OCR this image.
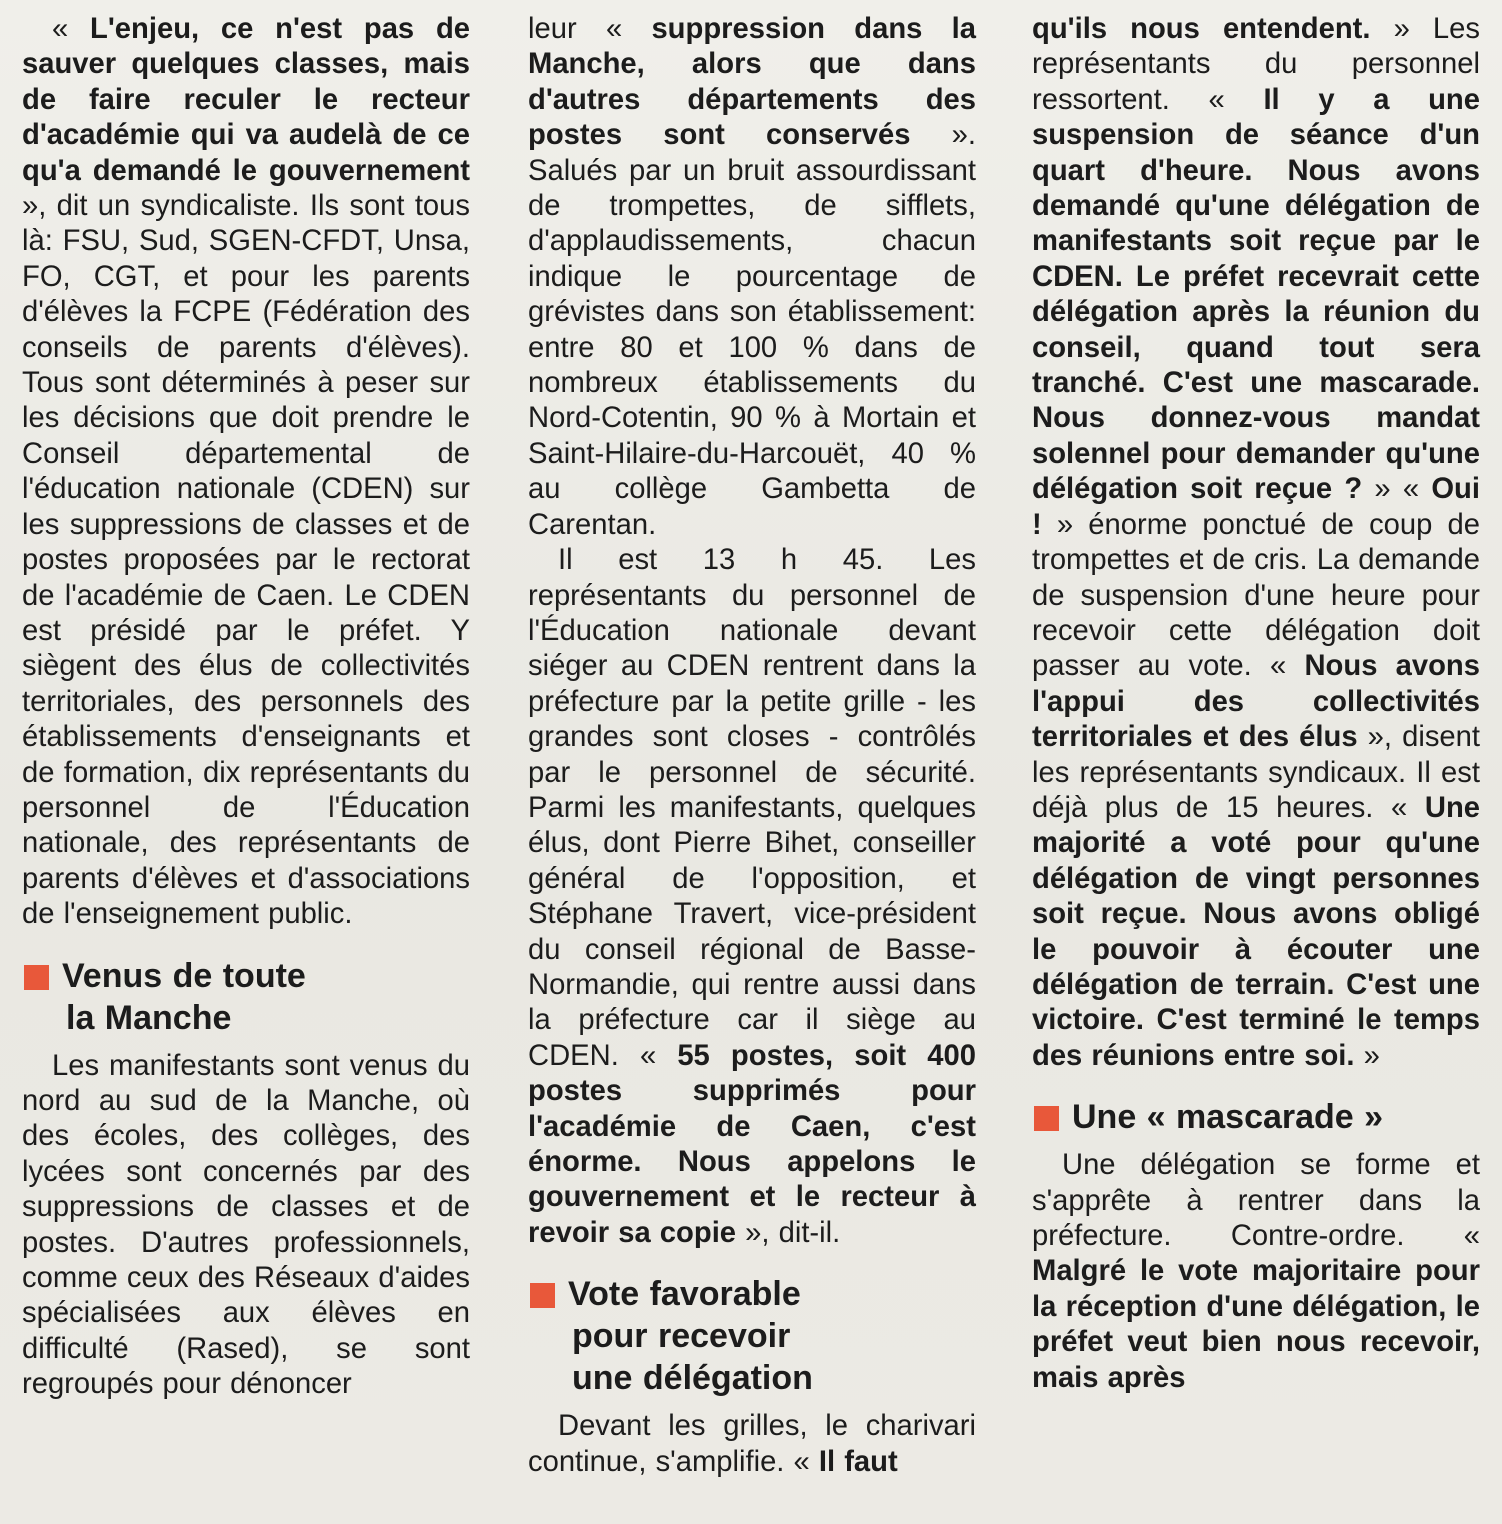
« L'enjeu, ce n'est pas de sauver quelques classes, mais de faire reculer le recteur d'académie qui va audelà de ce qu'a demandé le gouvernement », dit un syndicaliste. Ils sont tous là: FSU, Sud, SGEN-CFDT, Unsa, FO, CGT, et pour les parents d'élèves la FCPE (Fédération des conseils de parents d'élèves). Tous sont déterminés à peser sur les décisions que doit prendre le Conseil départemental de l'éducation nationale (CDEN) sur les suppressions de classes et de postes proposées par le rectorat de l'académie de Caen. Le CDEN est présidé par le préfet. Y siègent des élus de collectivités territoriales, des personnels des établissements d'enseignants et de formation, dix représentants du personnel de l'Éducation nationale, des représentants de parents d'élèves et d'associations de l'enseignement public.

Venus de toute
la Manche

Les manifestants sont venus du nord au sud de la Manche, où des écoles, des collèges, des lycées sont concernés par des suppressions de classes et de postes. D'autres professionnels, comme ceux des Réseaux d'aides spécialisées aux élèves en difficulté (Rased), se sont regroupés pour dénoncer

leur « suppression dans la Manche, alors que dans d'autres départements des postes sont conservés ». Salués par un bruit assourdissant de trompettes, de sifflets, d'applaudissements, chacun indique le pourcentage de grévistes dans son établissement: entre 80 et 100 % dans de nombreux établissements du Nord-Cotentin, 90 % à Mortain et Saint-Hilaire-du-Harcouët, 40 % au collège Gambetta de Carentan.

Il est 13 h 45. Les représentants du personnel de l'Éducation nationale devant siéger au CDEN rentrent dans la préfecture par la petite grille - les grandes sont closes - contrôlés par le personnel de sécurité. Parmi les manifestants, quelques élus, dont Pierre Bihet, conseiller général de l'opposition, et Stéphane Travert, vice-président du conseil régional de Basse-Normandie, qui rentre aussi dans la préfecture car il siège au CDEN. « 55 postes, soit 400 postes supprimés pour l'académie de Caen, c'est énorme. Nous appelons le gouvernement et le recteur à revoir sa copie », dit-il.

Vote favorable
pour recevoir
une délégation

Devant les grilles, le charivari continue, s'amplifie. « Il faut

qu'ils nous entendent. » Les représentants du personnel ressortent. « Il y a une suspension de séance d'un quart d'heure. Nous avons demandé qu'une délégation de manifestants soit reçue par le CDEN. Le préfet recevrait cette délégation après la réunion du conseil, quand tout sera tranché. C'est une mascarade. Nous donnez-vous mandat solennel pour demander qu'une délégation soit reçue ? » « Oui ! » énorme ponctué de coup de trompettes et de cris. La demande de suspension d'une heure pour recevoir cette délégation doit passer au vote. « Nous avons l'appui des collectivités territoriales et des élus », disent les représentants syndicaux. Il est déjà plus de 15 heures. « Une majorité a voté pour qu'une délégation de vingt personnes soit reçue. Nous avons obligé le pouvoir à écouter une délégation de terrain. C'est une victoire. C'est terminé le temps des réunions entre soi. »

Une « mascarade »

Une délégation se forme et s'apprête à rentrer dans la préfecture. Contre-ordre. « Malgré le vote majoritaire pour la réception d'une délégation, le préfet veut bien nous recevoir, mais après
